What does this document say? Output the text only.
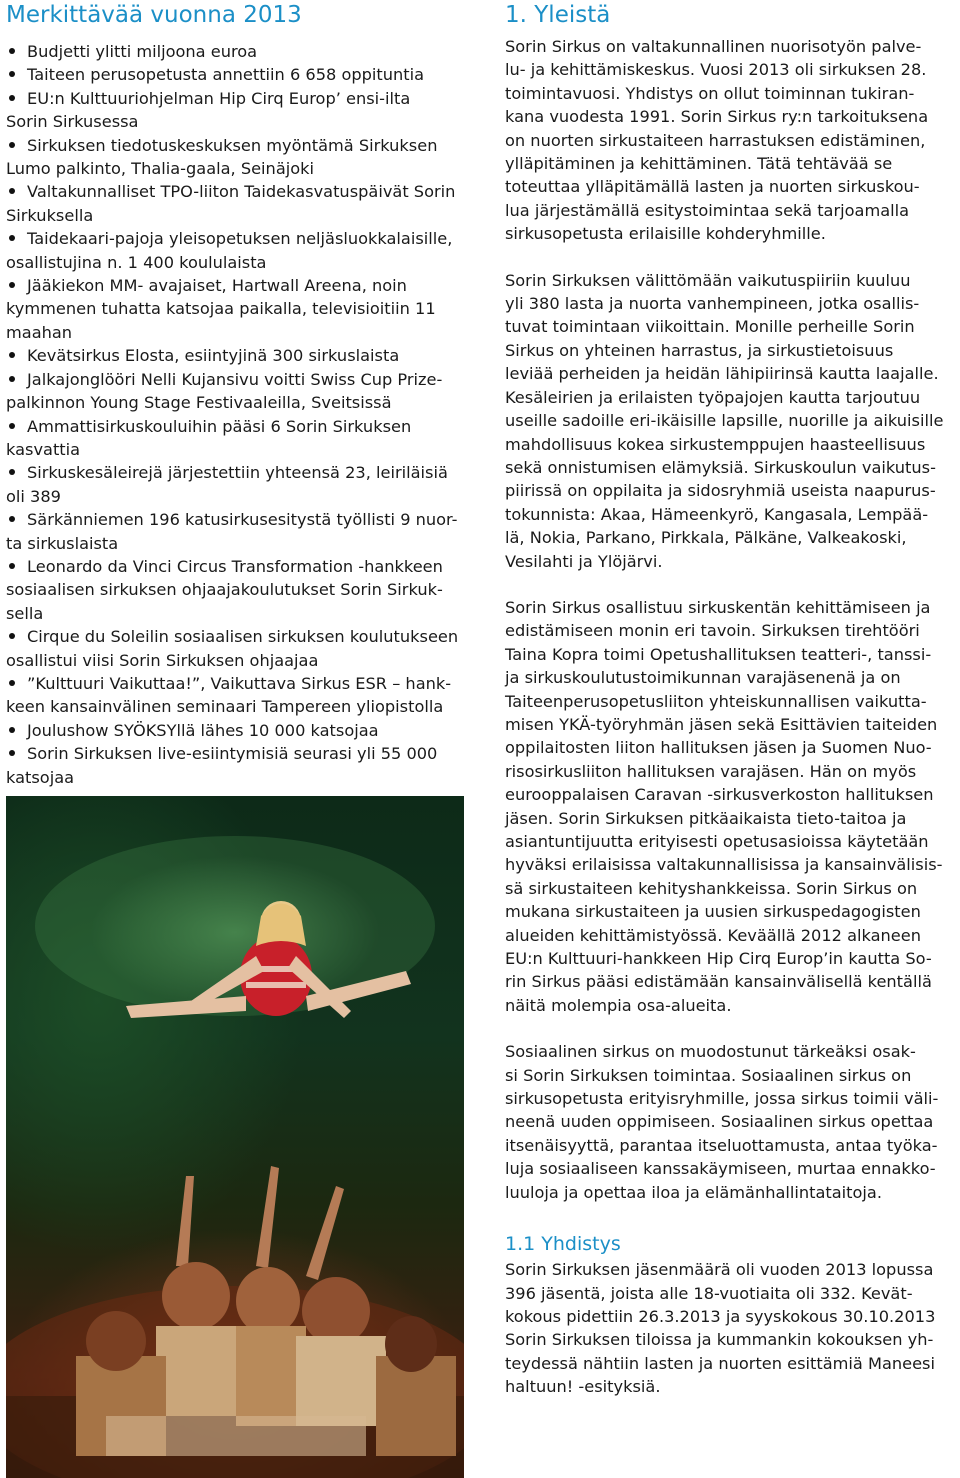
Merkittävää vuonna 2013
Budjetti ylitti miljoona euroa
Taiteen perusopetusta annettiin 6 658 oppituntia
EU:n Kulttuuriohjelman Hip Cirq Europ’ ensi-ilta
Sorin Sirkusessa
Sirkuksen tiedotuskeskuksen myöntämä Sirkuksen
Lumo palkinto, Thalia-gaala, Seinäjoki
Valtakunnalliset TPO-liiton Taidekasvatuspäivät Sorin
Sirkuksella
Taidekaari-pajoja yleisopetuksen neljäsluokkalaisille,
osallistujina n. 1 400 koululaista
Jääkiekon MM- avajaiset, Hartwall Areena, noin
kymmenen tuhatta katsojaa paikalla, televisioitiin 11
maahan
Kevätsirkus Elosta, esiintyjinä 300 sirkuslaista
Jalkajonglööri Nelli Kujansivu voitti Swiss Cup Prize-
palkinnon Young Stage Festivaaleilla, Sveitsissä
Ammattisirkuskouluihin pääsi 6 Sorin Sirkuksen
kasvattia
Sirkuskesäleirejä järjestettiin yhteensä 23, leiriläisiä
oli 389
Särkänniemen 196 katusirkusesitystä työllisti 9 nuor-
ta sirkuslaista
Leonardo da Vinci Circus Transformation -hankkeen
sosiaalisen sirkuksen ohjaajakoulutukset Sorin Sirkuk-
sella
Cirque du Soleilin sosiaalisen sirkuksen koulutukseen
osallistui viisi Sorin Sirkuksen ohjaajaa
”Kulttuuri Vaikuttaa!”, Vaikuttava Sirkus ESR – hank-
keen kansainvälinen seminaari Tampereen yliopistolla
Joulushow SYÖKSYllä lähes 10 000 katsojaa
Sorin Sirkuksen live-esiintymisiä seurasi yli 55 000
katsojaa
1. Yleistä
Sorin Sirkus on valtakunnallinen nuorisotyön palve-
lu- ja kehittämiskeskus. Vuosi 2013 oli sirkuksen 28.
toimintavuosi. Yhdistys on ollut toiminnan tukiran-
kana vuodesta 1991. Sorin Sirkus ry:n tarkoituksena
on nuorten sirkustaiteen harrastuksen edistäminen,
ylläpitäminen ja kehittäminen. Tätä tehtävää se
toteuttaa ylläpitämällä lasten ja nuorten sirkuskou-
lua järjestämällä esitystoimintaa sekä tarjoamalla
sirkusopetusta erilaisille kohderyhmille.
Sorin Sirkuksen välittömään vaikutuspiiriin kuuluu
yli 380 lasta ja nuorta vanhempineen, jotka osallis-
tuvat toimintaan viikoittain. Monille perheille Sorin
Sirkus on yhteinen harrastus, ja sirkustietoisuus
leviää perheiden ja heidän lähipiirinsä kautta laajalle.
Kesäleirien ja erilaisten työpajojen kautta tarjoutuu
useille sadoille eri-ikäisille lapsille, nuorille ja aikuisille
mahdollisuus kokea sirkustemppujen haasteellisuus
sekä onnistumisen elämyksiä. Sirkuskoulun vaikutus-
piirissä on oppilaita ja sidosryhmiä useista naapurus-
tokunnista: Akaa, Hämeenkyrö, Kangasala, Lempää-
lä, Nokia, Parkano, Pirkkala, Pälkäne, Valkeakoski,
Vesilahti ja Ylöjärvi.
Sorin Sirkus osallistuu sirkuskentän kehittämiseen ja
edistämiseen monin eri tavoin. Sirkuksen tirehtööri
Taina Kopra toimi Opetushallituksen teatteri-, tanssi-
ja sirkuskoulutustoimikunnan varajäsenenä ja on
Taiteenperusopetusliiton yhteiskunnallisen vaikutta-
misen YKÄ-työryhmän jäsen sekä Esittävien taiteiden
oppilaitosten liiton hallituksen jäsen ja Suomen Nuo-
risosirkusliiton hallituksen varajäsen. Hän on myös
eurooppalaisen Caravan -sirkusverkoston hallituksen
jäsen. Sorin Sirkuksen pitkäaikaista tieto-taitoa ja
asiantuntijuutta erityisesti opetusasioissa käytetään
hyväksi erilaisissa valtakunnallisissa ja kansainvälisis-
sä sirkustaiteen kehityshankkeissa. Sorin Sirkus on
mukana sirkustaiteen ja uusien sirkuspedagogisten
alueiden kehittämistyössä. Keväällä 2012 alkaneen
EU:n Kulttuuri-hankkeen Hip Cirq Europ’in kautta So-
rin Sirkus pääsi edistämään kansainvälisellä kentällä
näitä molempia osa-alueita.
Sosiaalinen sirkus on muodostunut tärkeäksi osak-
si Sorin Sirkuksen toimintaa. Sosiaalinen sirkus on
sirkusopetusta erityisryhmille, jossa sirkus toimii väli-
neenä uuden oppimiseen. Sosiaalinen sirkus opettaa
itsenäisyyttä, parantaa itseluottamusta, antaa työka-
luja sosiaaliseen kanssakäymiseen, murtaa ennakko-
luuloja ja opettaa iloa ja elämänhallintataitoja.
1.1 Yhdistys
Sorin Sirkuksen jäsenmäärä oli vuoden 2013 lopussa
396 jäsentä, joista alle 18-vuotiaita oli 332. Kevät-
kokous pidettiin 26.3.2013 ja syyskokous 30.10.2013
Sorin Sirkuksen tiloissa ja kummankin kokouksen yh-
teydessä nähtiin lasten ja nuorten esittämiä Maneesi
haltuun! -esityksiä.
